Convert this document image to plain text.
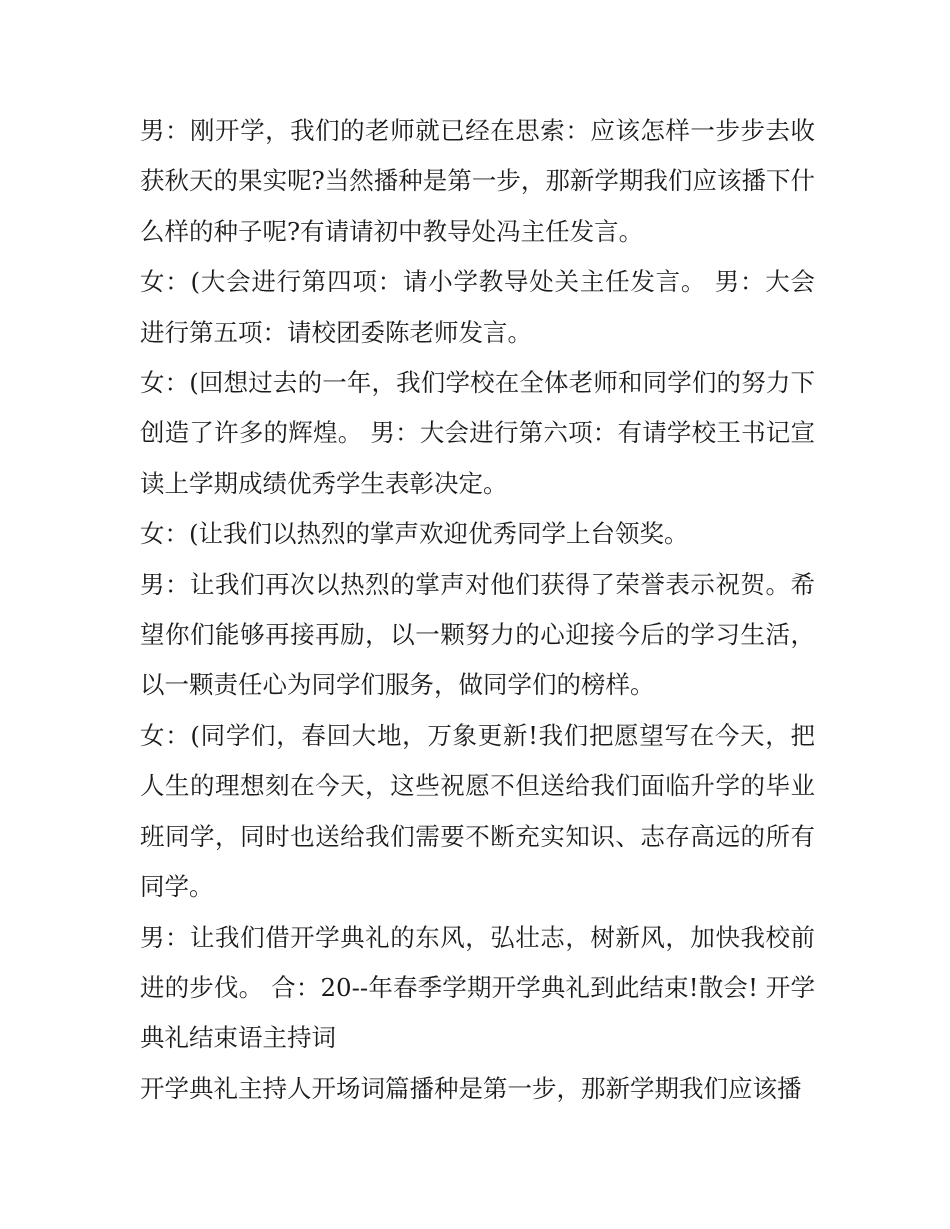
男：刚开学，我们的老师就已经在思索：应该怎样一步步去收获秋天的果实呢?当然播种是第一步，那新学期我们应该播下什么样的种子呢?有请请初中教导处冯主任发言。

女：(大会进行第四项：请小学教导处关主任发言。 男：大会进行第五项：请校团委陈老师发言。

女：(回想过去的一年，我们学校在全体老师和同学们的努力下创造了许多的辉煌。 男：大会进行第六项：有请学校王书记宣读上学期成绩优秀学生表彰决定。

女：(让我们以热烈的掌声欢迎优秀同学上台领奖。

男：让我们再次以热烈的掌声对他们获得了荣誉表示祝贺。希望你们能够再接再励，以一颗努力的心迎接今后的学习生活，以一颗责任心为同学们服务，做同学们的榜样。

女：(同学们，春回大地，万象更新!我们把愿望写在今天，把人生的理想刻在今天，这些祝愿不但送给我们面临升学的毕业班同学，同时也送给我们需要不断充实知识、志存高远的所有同学。

男：让我们借开学典礼的东风，弘壮志，树新风，加快我校前进的步伐。 合：20--年春季学期开学典礼到此结束!散会! 开学典礼结束语主持词

开学典礼主持人开场词篇播种是第一步，那新学期我们应该播
